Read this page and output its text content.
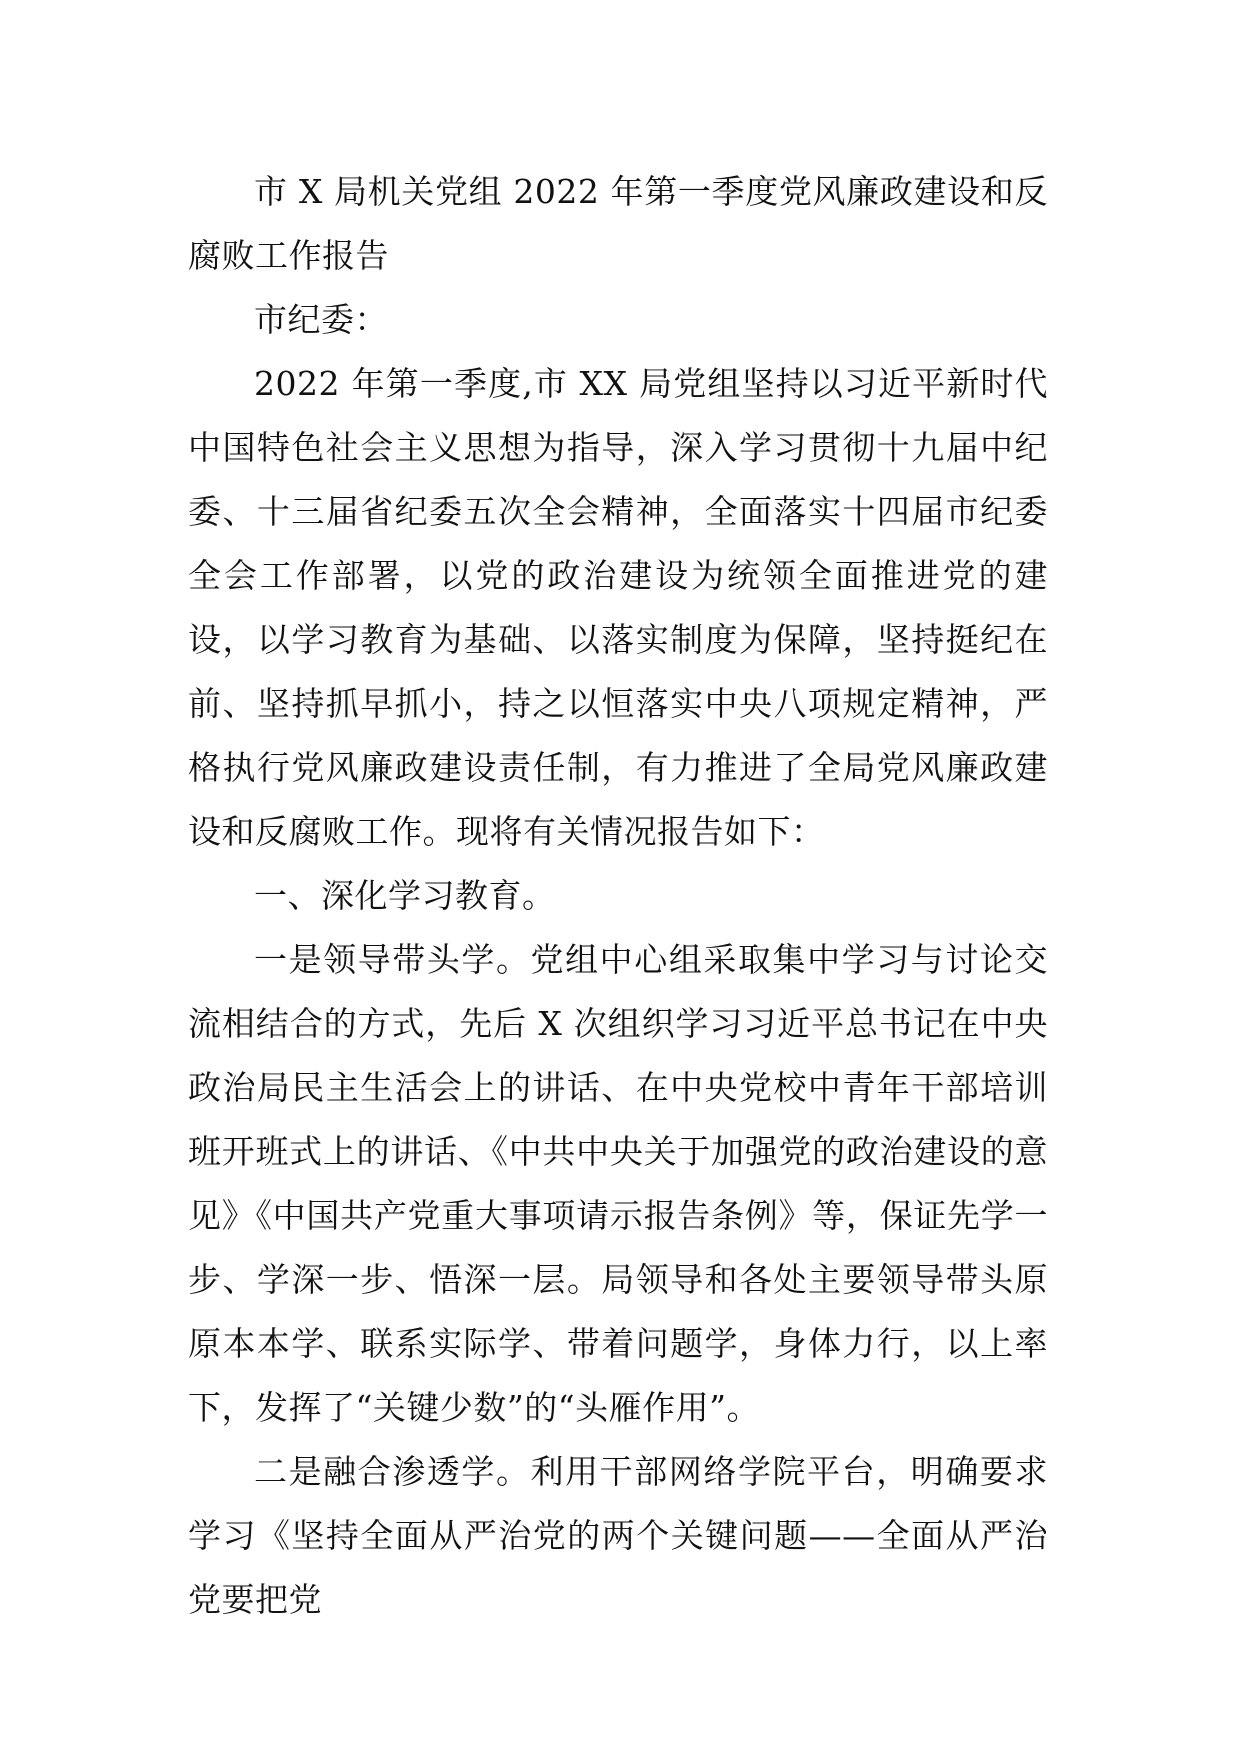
市 X 局机关党组 2022 年第一季度党风廉政建设和反腐败工作报告

市纪委：

2022 年第一季度,市 XX 局党组坚持以习近平新时代中国特色社会主义思想为指导，深入学习贯彻十九届中纪委、十三届省纪委五次全会精神，全面落实十四届市纪委全会工作部署，以党的政治建设为统领全面推进党的建设，以学习教育为基础、以落实制度为保障，坚持挺纪在前、坚持抓早抓小，持之以恒落实中央八项规定精神，严格执行党风廉政建设责任制，有力推进了全局党风廉政建设和反腐败工作。现将有关情况报告如下：

一、深化学习教育。

一是领导带头学。党组中心组采取集中学习与讨论交流相结合的方式，先后 X 次组织学习习近平总书记在中央政治局民主生活会上的讲话、在中央党校中青年干部培训班开班式上的讲话、《中共中央关于加强党的政治建设的意见》《中国共产党重大事项请示报告条例》等，保证先学一步、学深一步、悟深一层。局领导和各处主要领导带头原原本本学、联系实际学、带着问题学，身体力行，以上率下，发挥了“关键少数”的“头雁作用”。

二是融合渗透学。利用干部网络学院平台，明确要求学习《坚持全面从严治党的两个关键问题——全面从严治党要把党
